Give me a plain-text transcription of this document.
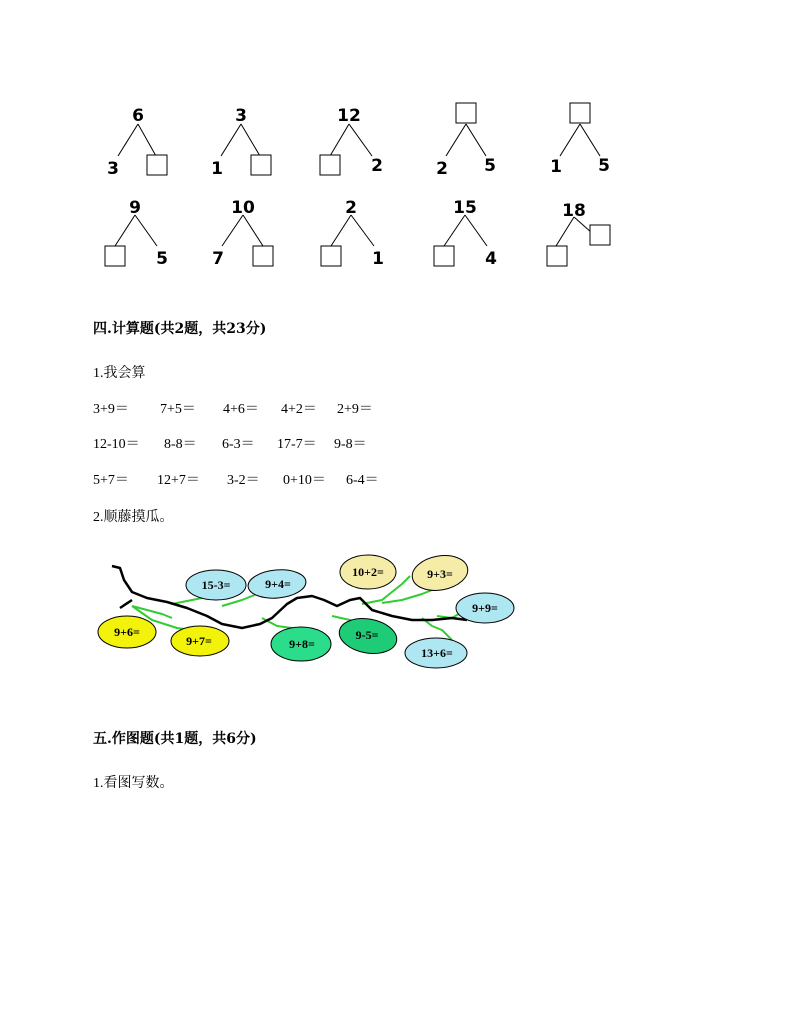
6
3
3
1
12
2	2 5	1 5
9
5
10
7
2
1
15
4
18
四.计算题(共2题，共23分)
1.我会算
3+9＝ 7+5＝ 4+6＝ 4+2＝ 2+9＝
12-10＝ 8-8＝ 6-3＝ 17-7＝ 9-8＝
5+7＝ 12+7＝ 3-2＝ 0+10＝ 6-4＝
2.顺藤摸瓜。
15-3=	9+4=
10+2=	9+3=
9+9=
9+6=
9+7=	9+8=
9-5=
13+6=
五.作图题(共1题，共6分)
1.看图写数。
